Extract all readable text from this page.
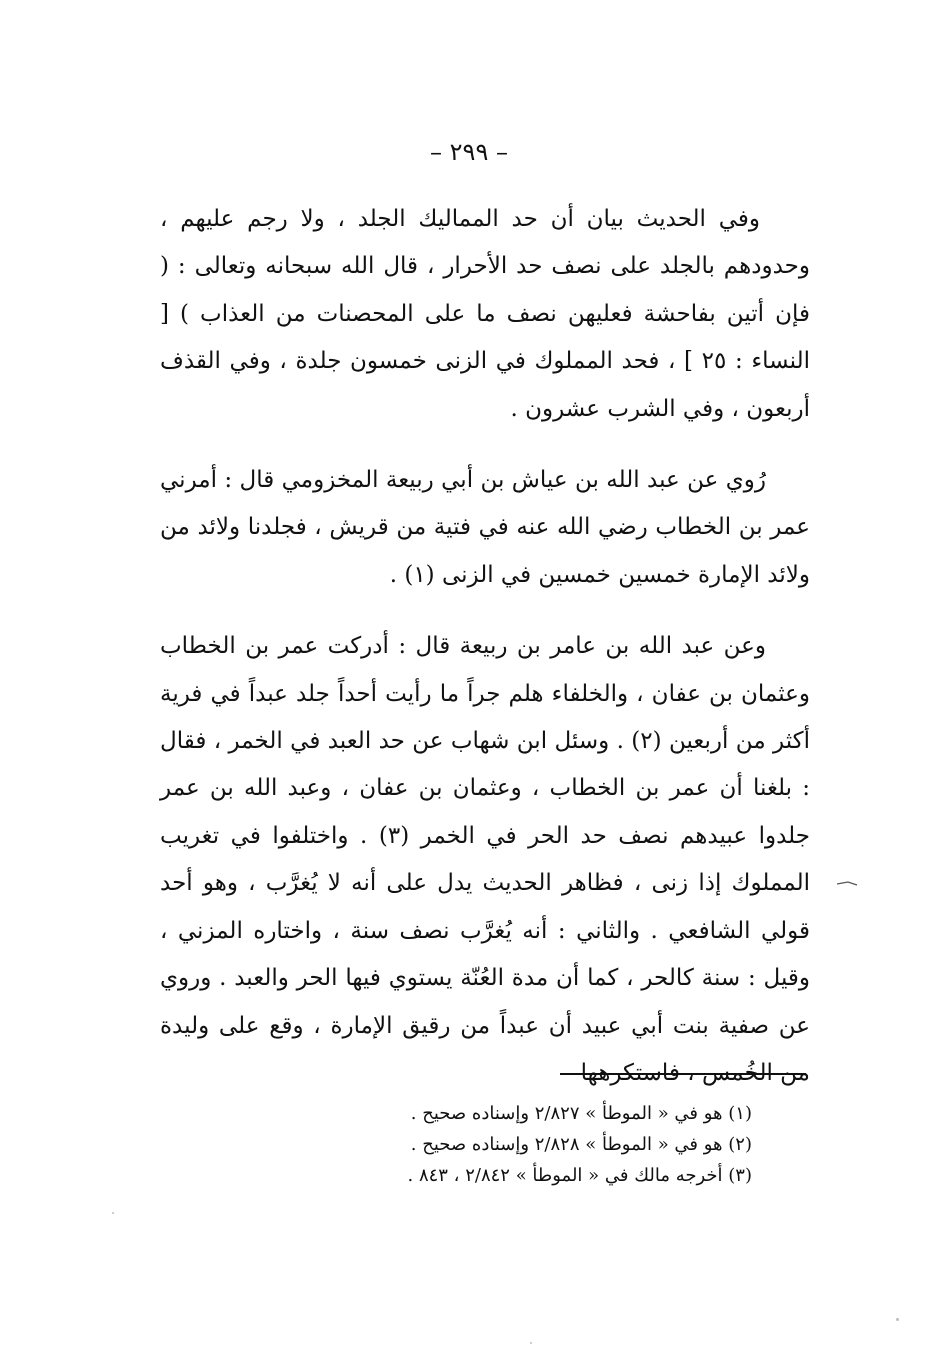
– ٢٩٩ –

وفي الحديث بيان أن حد المماليك الجلد ، ولا رجم عليهم ، وحدودهم بالجلد على نصف حد الأحرار ، قال الله سبحانه وتعالى : ( فإن أتين بفاحشة فعليهن نصف ما على المحصنات من العذاب ) [ النساء : ٢٥ ] ، فحد المملوك في الزنى خمسون جلدة ، وفي القذف أربعون ، وفي الشرب عشرون .

رُوي عن عبد الله بن عياش بن أبي ربيعة المخزومي قال : أمرني عمر بن الخطاب رضي الله عنه في فتية من قريش ، فجلدنا ولائد من ولائد الإمارة خمسين خمسين في الزنى (١) .

وعن عبد الله بن عامر بن ربيعة قال : أدركت عمر بن الخطاب وعثمان بن عفان ، والخلفاء هلم جراً ما رأيت أحداً جلد عبداً في فرية أكثر من أربعين (٢) . وسئل ابن شهاب عن حد العبد في الخمر ، فقال : بلغنا أن عمر بن الخطاب ، وعثمان بن عفان ، وعبد الله بن عمر جلدوا عبيدهم نصف حد الحر في الخمر (٣) . واختلفوا في تغريب المملوك إذا زنى ، فظاهر الحديث يدل على أنه لا يُغرَّب ، وهو أحد قولي الشافعي . والثاني : أنه يُغرَّب نصف سنة ، واختاره المزني ، وقيل : سنة كالحر ، كما أن مدة العُنّة يستوي فيها الحر والعبد . وروي عن صفية بنت أبي عبيد أن عبداً من رقيق الإمارة ، وقع على وليدة من الخُمس ، فاستكرهها

(١) هو في « الموطأ » ٢/٨٢٧ وإسناده صحيح .

(٢) هو في « الموطأ » ٢/٨٢٨ وإسناده صحيح .

(٣) أخرجه مالك في « الموطأ » ٢/٨٤٢ ، ٨٤٣ .
